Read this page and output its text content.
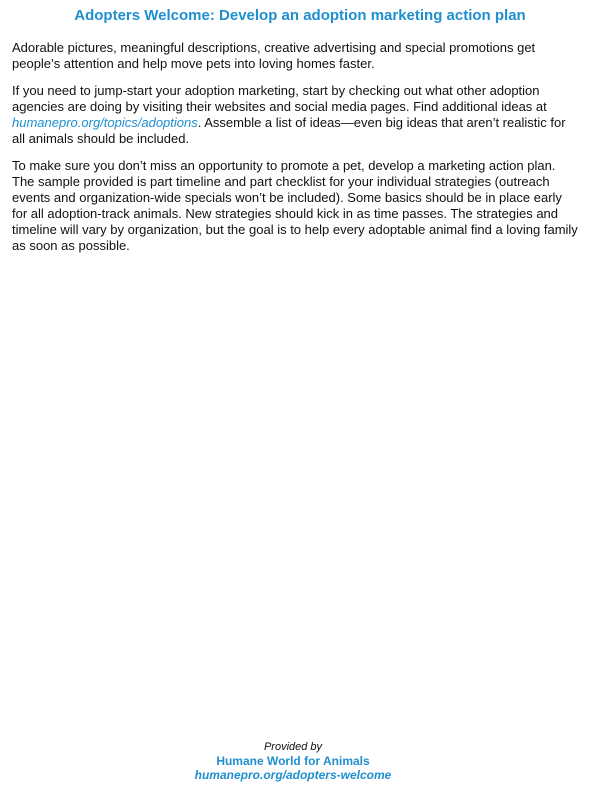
Adopters Welcome: Develop an adoption marketing action plan

Adorable pictures, meaningful descriptions, creative advertising and special promotions get people’s attention and help move pets into loving homes faster.

If you need to jump-start your adoption marketing, start by checking out what other adoption agencies are doing by visiting their websites and social media pages. Find additional ideas at humanepro.org/topics/adoptions. Assemble a list of ideas—even big ideas that aren’t realistic for all animals should be included.

To make sure you don’t miss an opportunity to promote a pet, develop a marketing action plan. The sample provided is part timeline and part checklist for your individual strategies (outreach events and organization-wide specials won’t be included). Some basics should be in place early for all adoption-track animals. New strategies should kick in as time passes. The strategies and timeline will vary by organization, but the goal is to help every adoptable animal find a loving family as soon as possible.

Provided by
Humane World for Animals
humanepro.org/adopters-welcome
